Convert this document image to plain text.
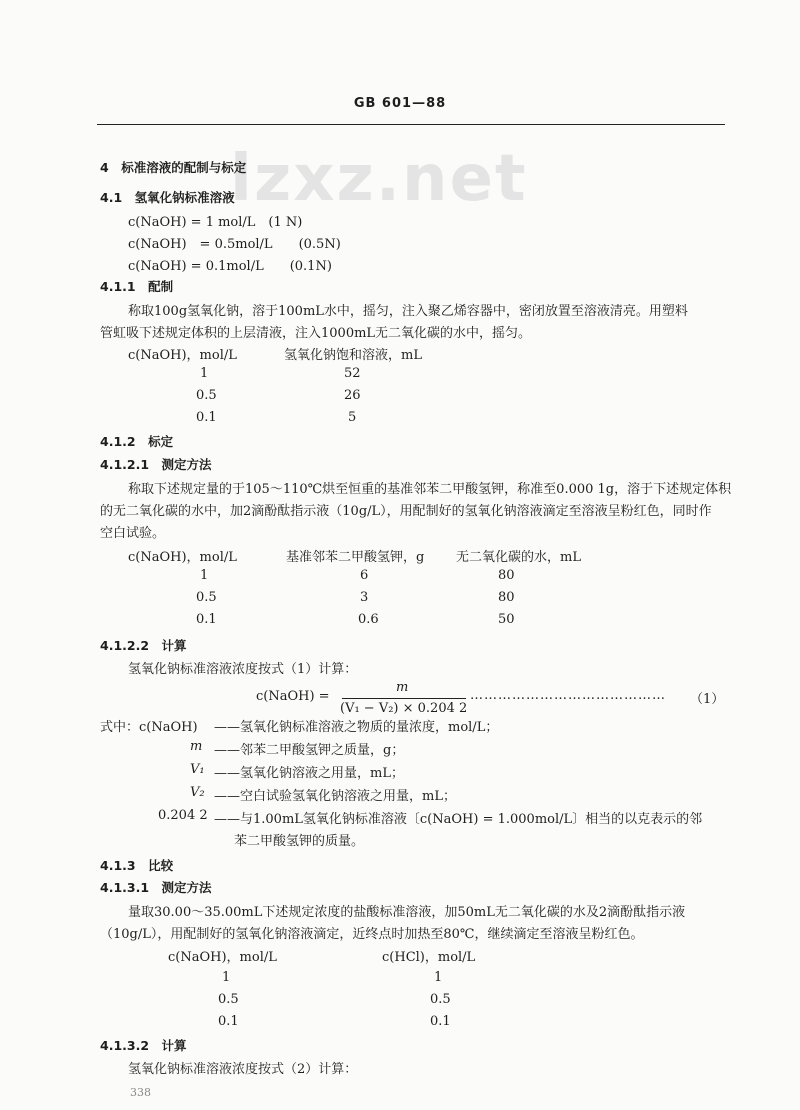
GB 601—88
lzxz.net
4　标准溶液的配制与标定
4.1　氢氧化钠标准溶液
c(NaOH) = 1 mol/L　(1 N)
c(NaOH)　= 0.5mol/L　　(0.5N)
c(NaOH) = 0.1mol/L　　(0.1N)
4.1.1　配制
称取100g氢氧化钠，溶于100mL水中，摇匀，注入聚乙烯容器中，密闭放置至溶液清亮。用塑料
管虹吸下述规定体积的上层清液，注入1000mL无二氧化碳的水中，摇匀。
c(NaOH)，mol/L	氢氧化钠饱和溶液，mL
1	52
0.5	26
0.1	5
4.1.2　标定
4.1.2.1　测定方法
称取下述规定量的于105～110℃烘至恒重的基准邻苯二甲酸氢钾，称准至0.000 1g，溶于下述规定体积
的无二氧化碳的水中，加2滴酚酞指示液（10g/L），用配制好的氢氧化钠溶液滴定至溶液呈粉红色，同时作
空白试验。
c(NaOH)，mol/L	基准邻苯二甲酸氢钾，g 无二氧化碳的水，mL
1	6	80
0.5	3	80
0.1	0.6	50
4.1.2.2　计算
氢氧化钠标准溶液浓度按式（1）计算：
c(NaOH) =
m
(V₁ − V₂) × 0.204 2
…………………………………… （1）
式中：c(NaOH) ——氢氧化钠标准溶液之物质的量浓度，mol/L；
m ——邻苯二甲酸氢钾之质量，g；
V₁ ——氢氧化钠溶液之用量，mL；
V₂ ——空白试验氢氧化钠溶液之用量，mL；
0.204 2 ——与1.00mL氢氧化钠标准溶液〔c(NaOH) = 1.000mol/L〕相当的以克表示的邻
苯二甲酸氢钾的质量。
4.1.3　比较
4.1.3.1　测定方法
量取30.00～35.00mL下述规定浓度的盐酸标准溶液，加50mL无二氧化碳的水及2滴酚酞指示液
（10g/L），用配制好的氢氧化钠溶液滴定，近终点时加热至80℃，继续滴定至溶液呈粉红色。
c(NaOH)，mol/L	c(HCl)，mol/L
1	1
0.5	0.5
0.1	0.1
4.1.3.2　计算
氢氧化钠标准溶液浓度按式（2）计算：
338
